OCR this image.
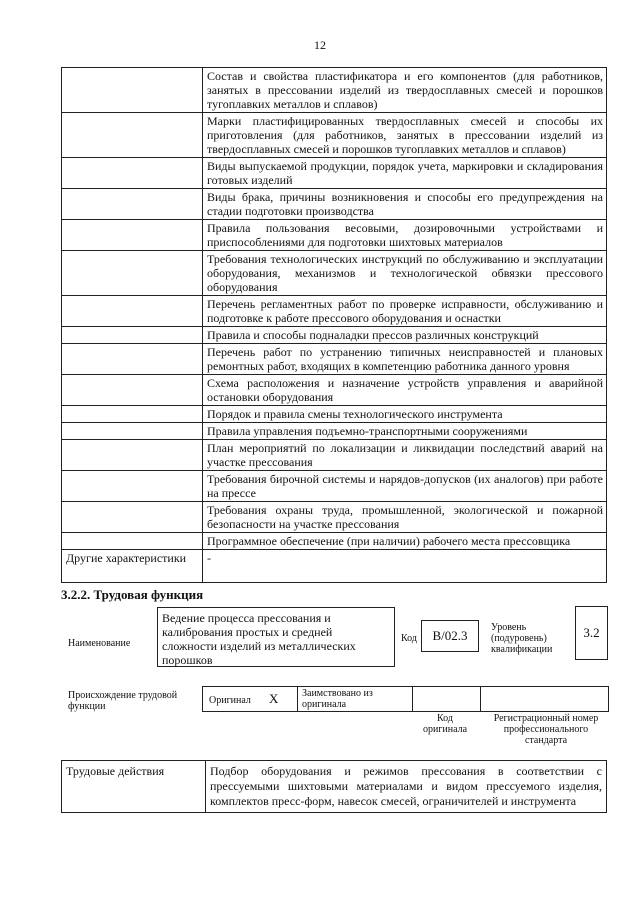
12
	Состав и свойства пластификатора и его компонентов (для работников, занятых в прессовании изделий из твердосплавных смесей и порошков тугоплавких металлов и сплавов)
	Марки пластифицированных твердосплавных смесей и способы их приготовления (для работников, занятых в прессовании изделий из твердосплавных смесей и порошков тугоплавких металлов и сплавов)
	Виды выпускаемой продукции, порядок учета, маркировки и складирования готовых изделий
	Виды брака, причины возникновения и способы его предупреждения на стадии подготовки производства
	Правила пользования весовыми, дозировочными устройствами и приспособлениями для подготовки шихтовых материалов
	Требования технологических инструкций по обслуживанию и эксплуатации оборудования, механизмов и технологической обвязки прессового оборудования
	Перечень регламентных работ по проверке исправности, обслуживанию и подготовке к работе прессового оборудования и оснастки
	Правила и способы подналадки прессов различных конструкций
	Перечень работ по устранению типичных неисправностей и плановых ремонтных работ, входящих в компетенцию работника данного уровня
	Схема расположения и назначение устройств управления и аварийной остановки оборудования
	Порядок и правила смены технологического инструмента
	Правила управления подъемно-транспортными сооружениями
	План мероприятий по локализации и ликвидации последствий аварий на участке прессования
	Требования бирочной системы и нарядов-допусков (их аналогов) при работе на прессе
	Требования охраны труда, промышленной, экологической и пожарной безопасности на участке прессования
	Программное обеспечение (при наличии) рабочего места прессовщика
Другие характеристики	-
3.2.2. Трудовая функция
Наименование
Ведение процесса прессования и калибрования простых и средней сложности изделий из металлических порошков
Код	В/02.3
Уровень (подуровень) квалификации
3.2
Происхождение трудовой функции
Оригинал X Заимствовано из оригинала
Код оригинала
Регистрационный номер профессионального стандарта
Трудовые действия	Подбор оборудования и режимов прессования в соответствии с прессуемыми шихтовыми материалами и видом прессуемого изделия, комплектов пресс-форм, навесок смесей, ограничителей и инструмента
